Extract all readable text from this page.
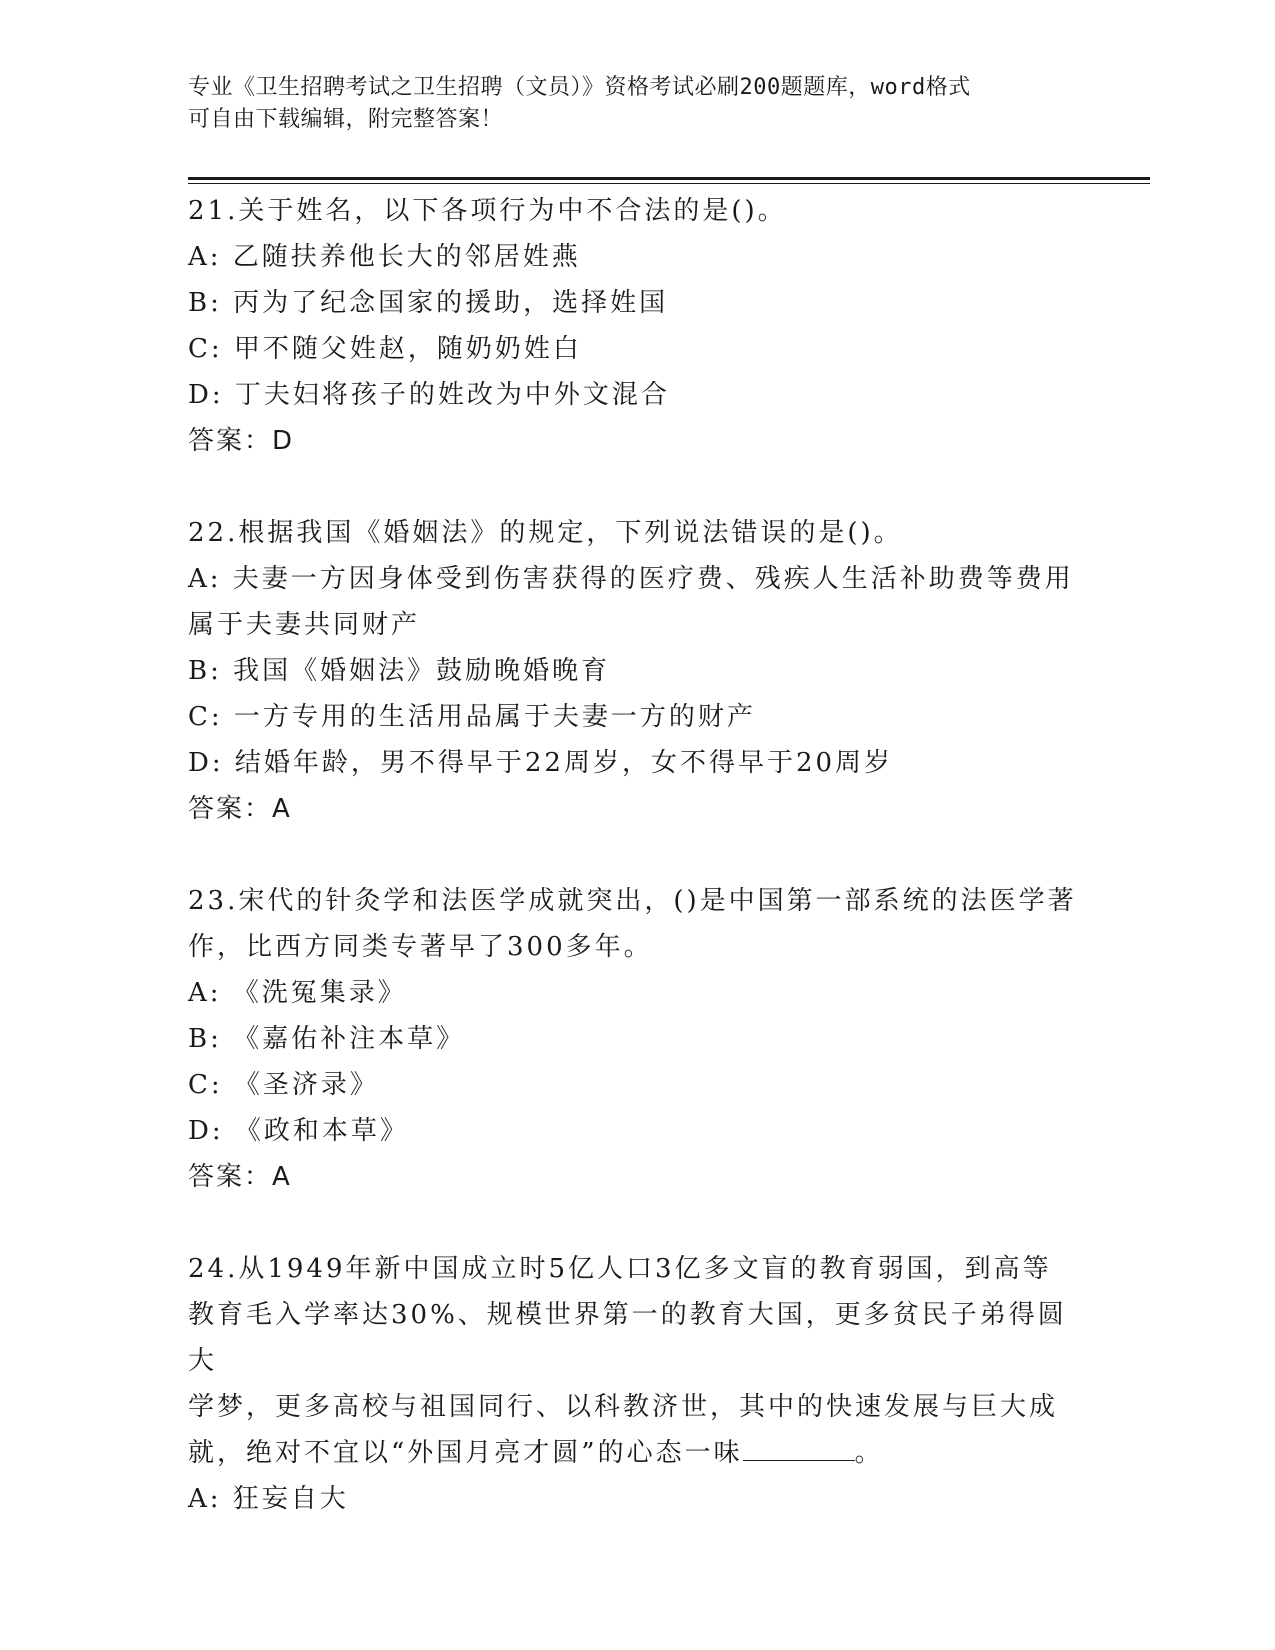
专业《卫生招聘考试之卫生招聘（文员）》资格考试必刷200题题库，word格式
可自由下载编辑，附完整答案！
21.关于姓名，以下各项行为中不合法的是()。
A: 乙随扶养他长大的邻居姓燕
B: 丙为了纪念国家的援助，选择姓国
C: 甲不随父姓赵，随奶奶姓白
D: 丁夫妇将孩子的姓改为中外文混合
答案：D
22.根据我国《婚姻法》的规定，下列说法错误的是()。
A: 夫妻一方因身体受到伤害获得的医疗费、残疾人生活补助费等费用
属于夫妻共同财产
B: 我国《婚姻法》鼓励晚婚晚育
C: 一方专用的生活用品属于夫妻一方的财产
D: 结婚年龄，男不得早于22周岁，女不得早于20周岁
答案：A
23.宋代的针灸学和法医学成就突出，()是中国第一部系统的法医学著
作，比西方同类专著早了300多年。
A: 《洗冤集录》
B: 《嘉佑补注本草》
C: 《圣济录》
D: 《政和本草》
答案：A
24.从1949年新中国成立时5亿人口3亿多文盲的教育弱国，到高等
教育毛入学率达30%、规模世界第一的教育大国，更多贫民子弟得圆大
学梦，更多高校与祖国同行、以科教济世，其中的快速发展与巨大成
就，绝对不宜以“外国月亮才圆”的心态一味	。
A: 狂妄自大
